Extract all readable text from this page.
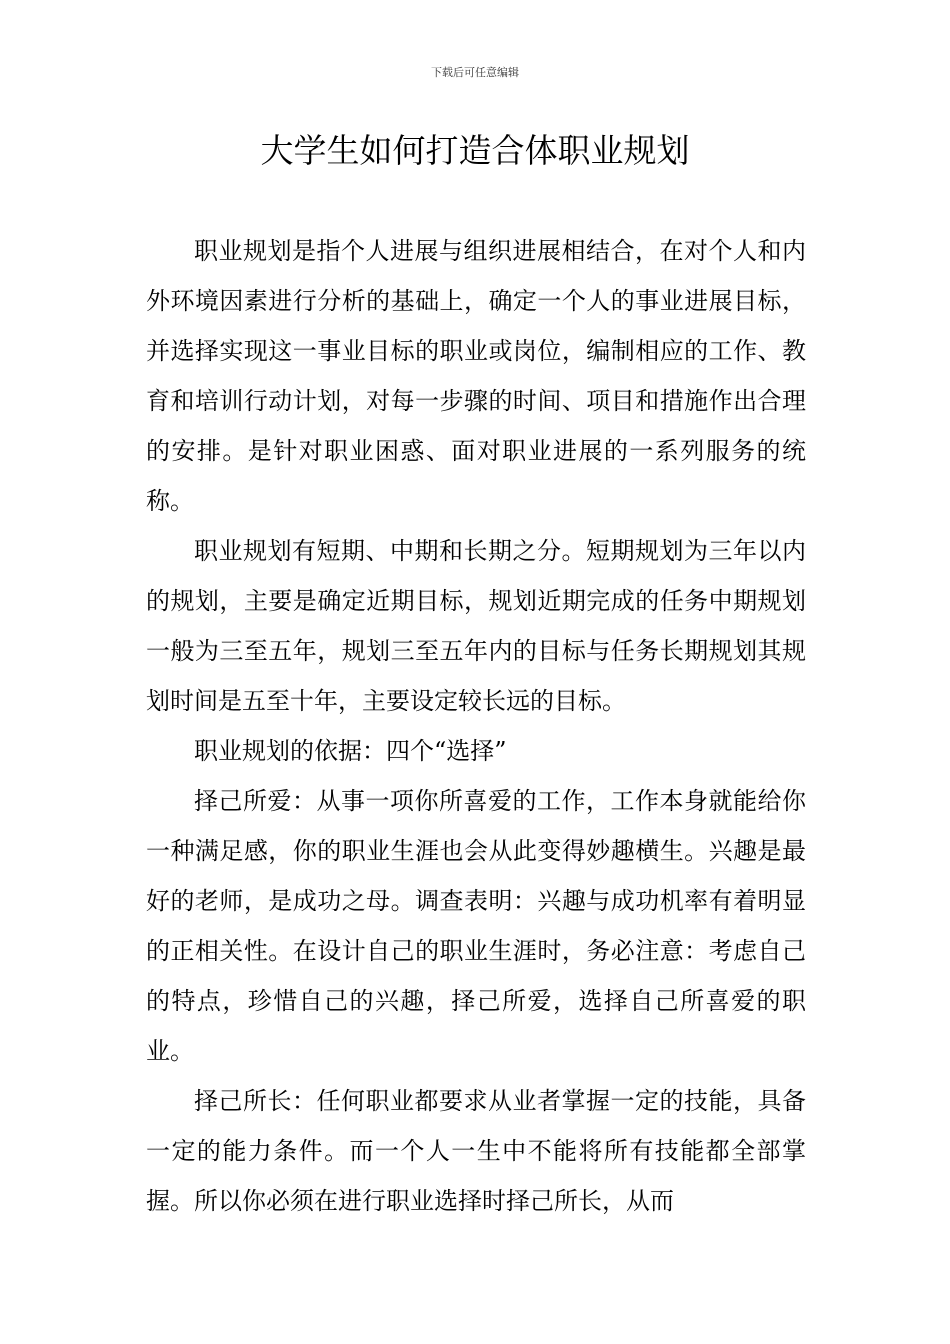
下载后可任意编辑
大学生如何打造合体职业规划

职业规划是指个人进展与组织进展相结合，在对个人和内外环境因素进行分析的基础上，确定一个人的事业进展目标，并选择实现这一事业目标的职业或岗位，编制相应的工作、教育和培训行动计划，对每一步骤的时间、项目和措施作出合理的安排。是针对职业困惑、面对职业进展的一系列服务的统称。

职业规划有短期、中期和长期之分。短期规划为三年以内的规划，主要是确定近期目标，规划近期完成的任务中期规划一般为三至五年，规划三至五年内的目标与任务长期规划其规划时间是五至十年，主要设定较长远的目标。

职业规划的依据：四个“选择”

择己所爱：从事一项你所喜爱的工作，工作本身就能给你一种满足感，你的职业生涯也会从此变得妙趣横生。兴趣是最好的老师，是成功之母。调查表明：兴趣与成功机率有着明显的正相关性。在设计自己的职业生涯时，务必注意：考虑自己的特点，珍惜自己的兴趣，择己所爱，选择自己所喜爱的职业。

择己所长：任何职业都要求从业者掌握一定的技能，具备一定的能力条件。而一个人一生中不能将所有技能都全部掌握。所以你必须在进行职业选择时择己所长，从而
